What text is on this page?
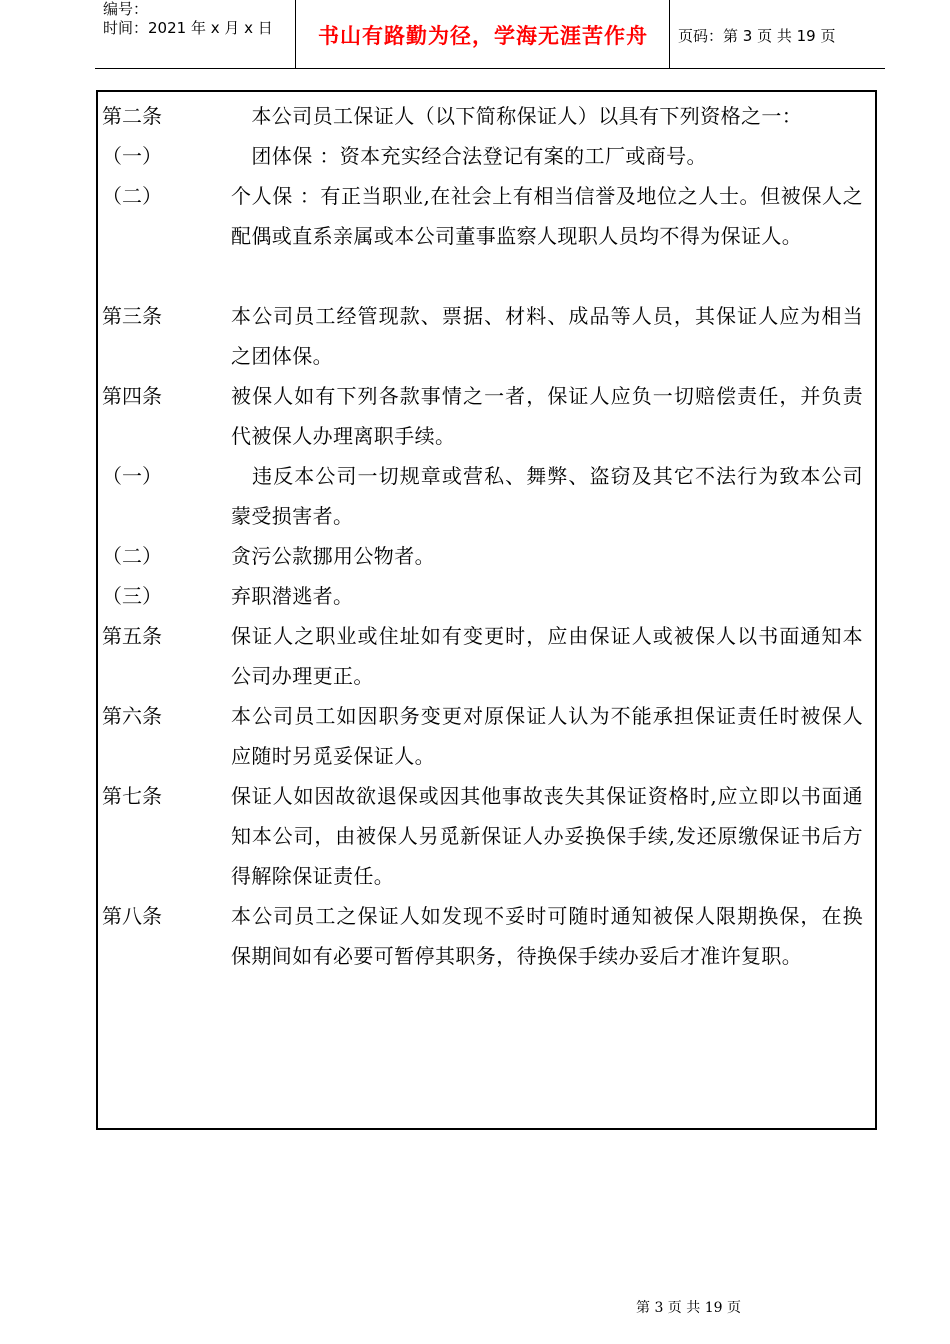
编号：
时间：2021 年 x 月 x 日	书山有路勤为径，学海无涯苦作舟	页码：第 3 页 共 19 页
第二条	　本公司员工保证人（以下简称保证人）以具有下列资格之一：
（一）	　团体保 ：资本充实经合法登记有案的工厂或商号。
（二）	个人保 ：有正当职业,在社会上有相当信誉及地位之人士。但被保人之配偶或直系亲属或本公司董事监察人现职人员均不得为保证人。
第三条	本公司员工经管现款、票据、材料、成品等人员，其保证人应为相当之团体保。
第四条	被保人如有下列各款事情之一者，保证人应负一切赔偿责任，并负责代被保人办理离职手续。
（一）	　违反本公司一切规章或营私、舞弊、盗窃及其它不法行为致本公司蒙受损害者。
（二）	贪污公款挪用公物者。
（三）	弃职潜逃者。
第五条	保证人之职业或住址如有变更时，应由保证人或被保人以书面通知本公司办理更正。
第六条	本公司员工如因职务变更对原保证人认为不能承担保证责任时被保人应随时另觅妥保证人。
第七条	保证人如因故欲退保或因其他事故丧失其保证资格时,应立即以书面通知本公司，由被保人另觅新保证人办妥换保手续,发还原缴保证书后方得解除保证责任。
第八条	本公司员工之保证人如发现不妥时可随时通知被保人限期换保，在换保期间如有必要可暂停其职务，待换保手续办妥后才准许复职。
第 3 页 共 19 页
